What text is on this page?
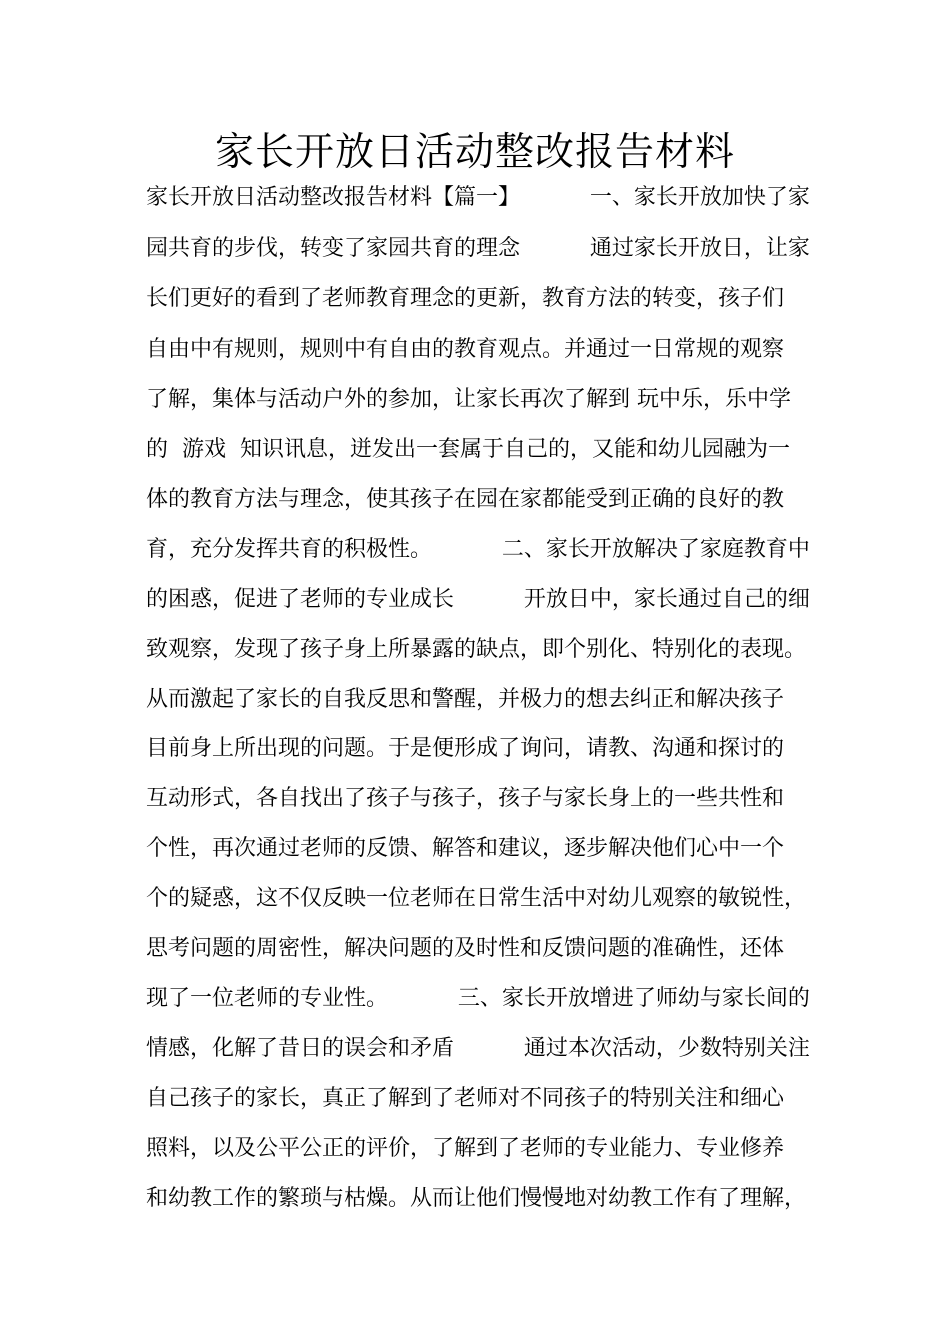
家长开放日活动整改报告材料

家长开放日活动整改报告材料【篇一】          一、家长开放加快了家

园共育的步伐，转变了家园共育的理念          通过家长开放日，让家

长们更好的看到了老师教育理念的更新，教育方法的转变，孩子们

自由中有规则，规则中有自由的教育观点。并通过一日常规的观察

了解，集体与活动户外的参加，让家长再次了解到 玩中乐，乐中学

的  游戏  知识讯息，迸发出一套属于自己的，又能和幼儿园融为一

体的教育方法与理念，使其孩子在园在家都能受到正确的良好的教

育，充分发挥共育的积极性。          二、家长开放解决了家庭教育中

的困惑，促进了老师的专业成长          开放日中，家长通过自己的细

致观察，发现了孩子身上所暴露的缺点，即个别化、特别化的表现。

从而激起了家长的自我反思和警醒，并极力的想去纠正和解决孩子

目前身上所出现的问题。于是便形成了询问，请教、沟通和探讨的

互动形式，各自找出了孩子与孩子，孩子与家长身上的一些共性和

个性，再次通过老师的反馈、解答和建议，逐步解决他们心中一个

个的疑惑，这不仅反映一位老师在日常生活中对幼儿观察的敏锐性，

思考问题的周密性，解决问题的及时性和反馈问题的准确性，还体

现了一位老师的专业性。          三、家长开放增进了师幼与家长间的

情感，化解了昔日的误会和矛盾          通过本次活动，少数特别关注

自己孩子的家长，真正了解到了老师对不同孩子的特别关注和细心

照料，以及公平公正的评价，了解到了老师的专业能力、专业修养

和幼教工作的繁琐与枯燥。从而让他们慢慢地对幼教工作有了理解，
